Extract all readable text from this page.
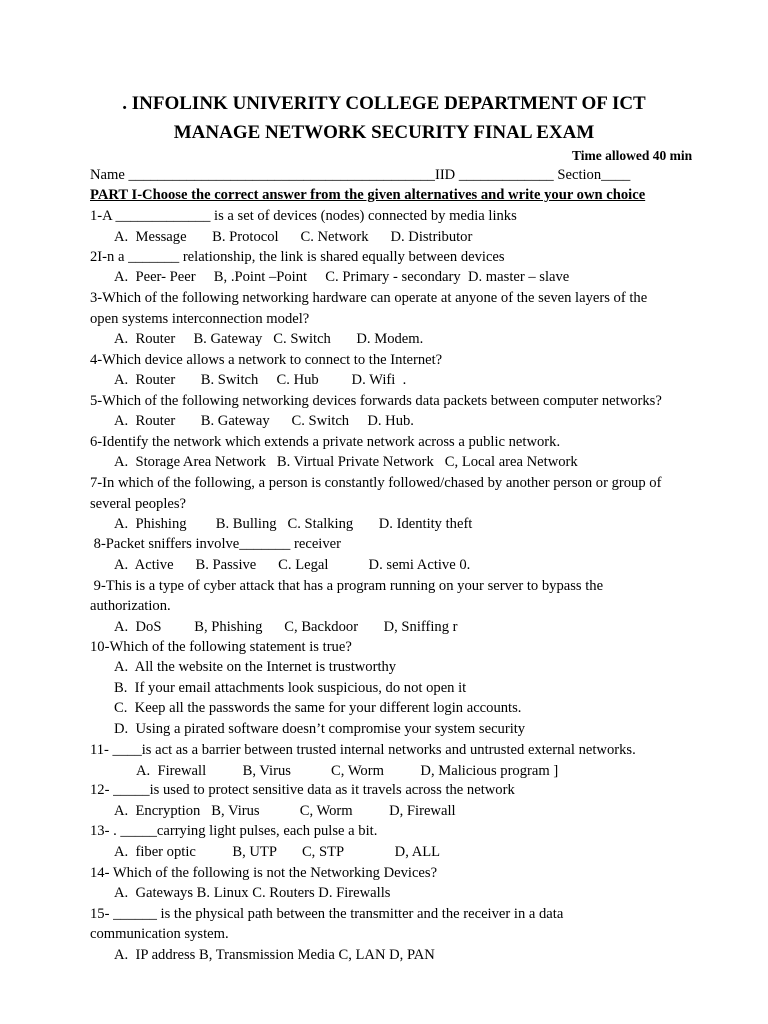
. INFOLINK UNIVERITY COLLEGE DEPARTMENT OF ICT
MANAGE NETWORK SECURITY FINAL EXAM
Time allowed 40 min
Name __________________________________________IID _____________ Section____
PART I-Choose the correct answer from the given alternatives and write your own choice
1-A _____________ is a set of devices (nodes) connected by media links
A.  Message       B. Protocol      C. Network      D. Distributor
2I-n a _______ relationship, the link is shared equally between devices
A.  Peer- Peer     B, .Point –Point     C. Primary - secondary  D. master – slave
3-Which of the following networking hardware can operate at anyone of the seven layers of the
open systems interconnection model?
A.  Router     B. Gateway   C. Switch       D. Modem.
4-Which device allows a network to connect to the Internet?
A.  Router       B. Switch     C. Hub         D. Wifi  .
5-Which of the following networking devices forwards data packets between computer networks?
A.  Router       B. Gateway      C. Switch     D. Hub.
6-Identify the network which extends a private network across a public network.
A.  Storage Area Network   B. Virtual Private Network   C, Local area Network
7-In which of the following, a person is constantly followed/chased by another person or group of
several peoples?
A.  Phishing        B. Bulling   C. Stalking       D. Identity theft
8-Packet sniffers involve_______ receiver
A.  Active      B. Passive      C. Legal           D. semi Active 0.
9-This is a type of cyber attack that has a program running on your server to bypass the
authorization.
A.  DoS         B, Phishing      C, Backdoor       D, Sniffing r
10-Which of the following statement is true?
A.  All the website on the Internet is trustworthy
B.  If your email attachments look suspicious, do not open it
C.  Keep all the passwords the same for your different login accounts.
D.  Using a pirated software doesn’t compromise your system security
11- ____is act as a barrier between trusted internal networks and untrusted external networks.
A.  Firewall          B, Virus           C, Worm          D, Malicious program ]
12- _____is used to protect sensitive data as it travels across the network
A.  Encryption   B, Virus           C, Worm          D, Firewall
13- . _____carrying light pulses, each pulse a bit.
A.  fiber optic          B, UTP       C, STP              D, ALL
14- Which of the following is not the Networking Devices?
A.  Gateways B. Linux C. Routers D. Firewalls
15- ______ is the physical path between the transmitter and the receiver in a data
communication system.
A.  IP address B, Transmission Media C, LAN D, PAN
